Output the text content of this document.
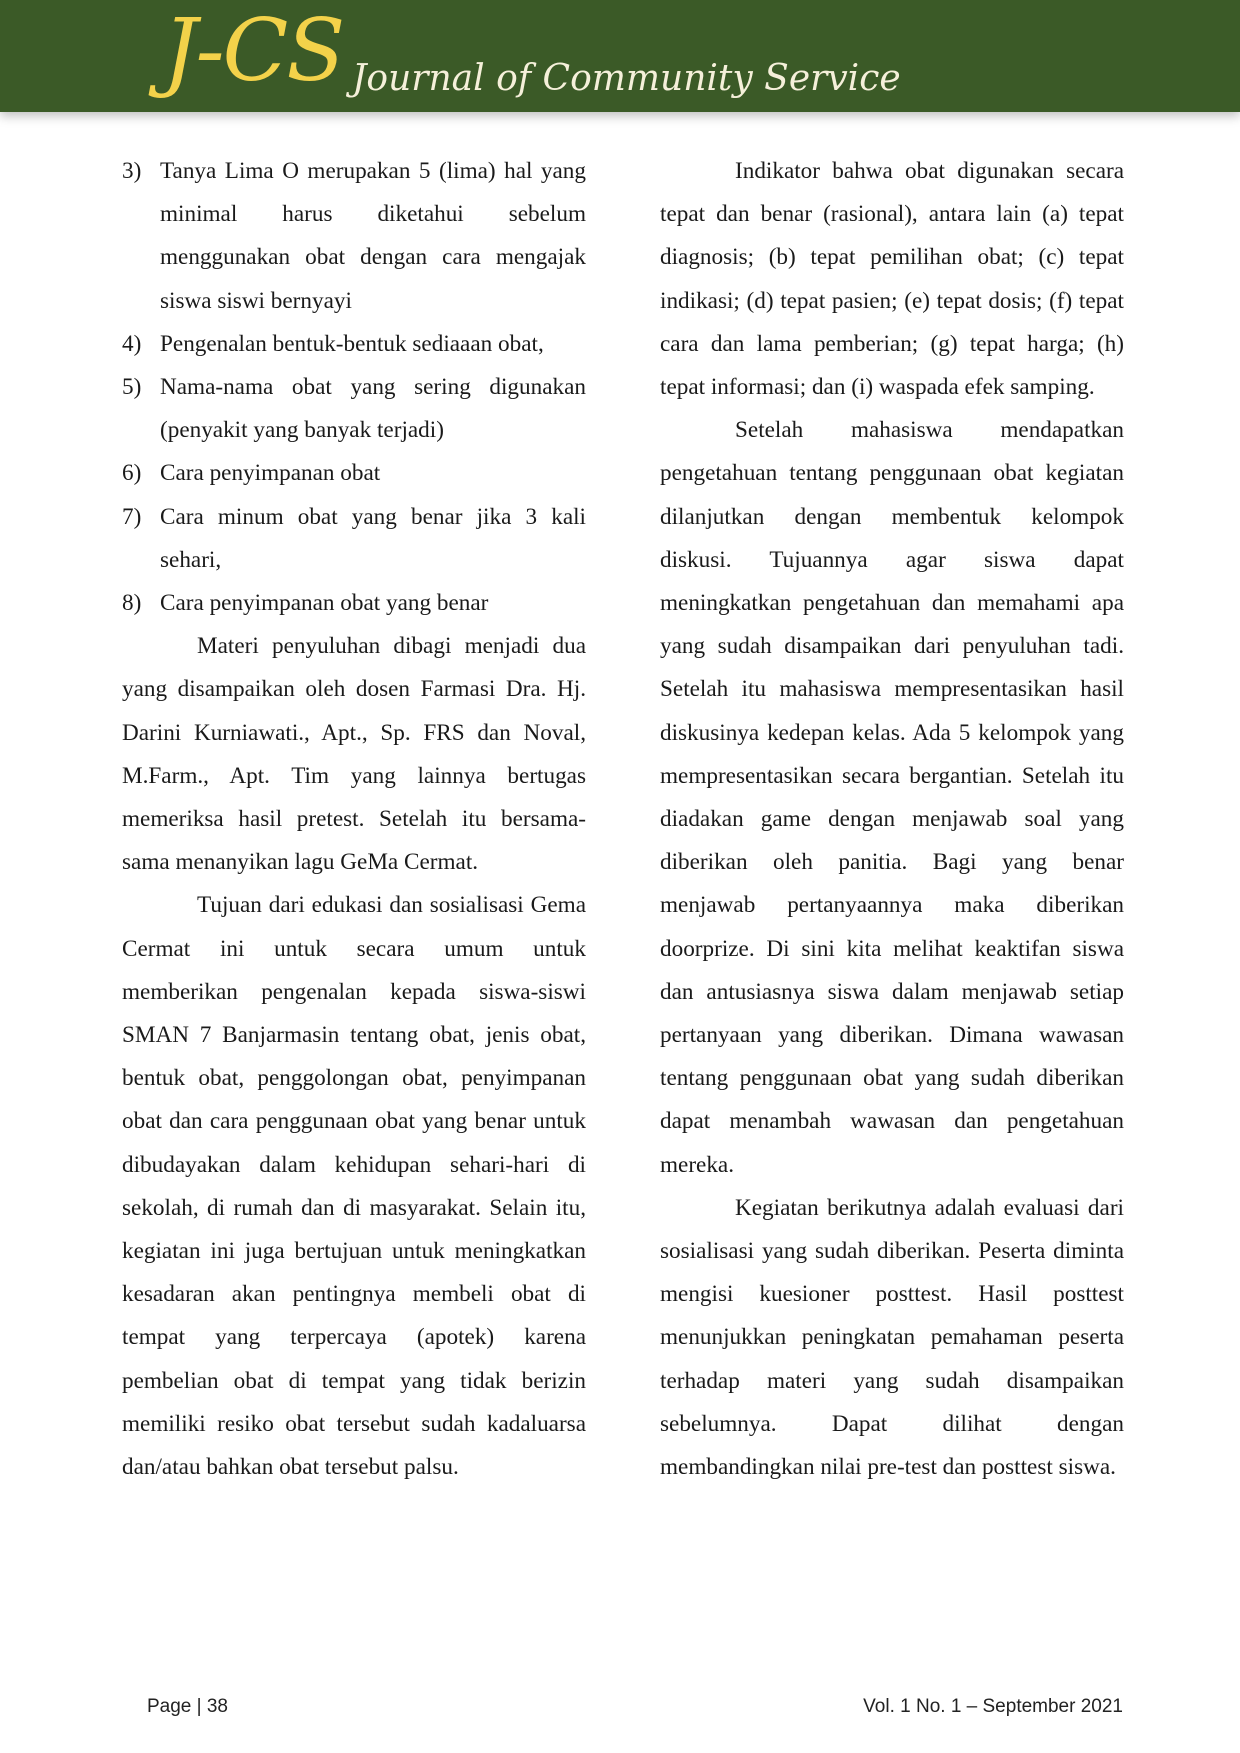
J-CS Journal of Community Service
3) Tanya Lima O merupakan 5 (lima) hal yang minimal harus diketahui sebelum menggunakan obat dengan cara mengajak siswa siswi bernyayi
4) Pengenalan bentuk-bentuk sediaaan obat,
5) Nama-nama obat yang sering digunakan (penyakit yang banyak terjadi)
6) Cara penyimpanan obat
7) Cara minum obat yang benar jika 3 kali sehari,
8) Cara penyimpanan obat yang benar

Materi penyuluhan dibagi menjadi dua yang disampaikan oleh dosen Farmasi Dra. Hj. Darini Kurniawati., Apt., Sp. FRS dan Noval, M.Farm., Apt. Tim yang lainnya bertugas memeriksa hasil pretest. Setelah itu bersama-sama menanyikan lagu GeMa Cermat.

Tujuan dari edukasi dan sosialisasi Gema Cermat ini untuk secara umum untuk memberikan pengenalan kepada siswa-siswi SMAN 7 Banjarmasin tentang obat, jenis obat, bentuk obat, penggolongan obat, penyimpanan obat dan cara penggunaan obat yang benar untuk dibudayakan dalam kehidupan sehari-hari di sekolah, di rumah dan di masyarakat. Selain itu, kegiatan ini juga bertujuan untuk meningkatkan kesadaran akan pentingnya membeli obat di tempat yang terpercaya (apotek) karena pembelian obat di tempat yang tidak berizin memiliki resiko obat tersebut sudah kadaluarsa dan/atau bahkan obat tersebut palsu.

Indikator bahwa obat digunakan secara tepat dan benar (rasional), antara lain (a) tepat diagnosis; (b) tepat pemilihan obat; (c) tepat indikasi; (d) tepat pasien; (e) tepat dosis; (f) tepat cara dan lama pemberian; (g) tepat harga; (h) tepat informasi; dan (i) waspada efek samping.

Setelah mahasiswa mendapatkan pengetahuan tentang penggunaan obat kegiatan dilanjutkan dengan membentuk kelompok diskusi. Tujuannya agar siswa dapat meningkatkan pengetahuan dan memahami apa yang sudah disampaikan dari penyuluhan tadi. Setelah itu mahasiswa mempresentasikan hasil diskusinya kedepan kelas. Ada 5 kelompok yang mempresentasikan secara bergantian. Setelah itu diadakan game dengan menjawab soal yang diberikan oleh panitia. Bagi yang benar menjawab pertanyaannya maka diberikan doorprize. Di sini kita melihat keaktifan siswa dan antusiasnya siswa dalam menjawab setiap pertanyaan yang diberikan. Dimana wawasan tentang penggunaan obat yang sudah diberikan dapat menambah wawasan dan pengetahuan mereka.

Kegiatan berikutnya adalah evaluasi dari sosialisasi yang sudah diberikan. Peserta diminta mengisi kuesioner posttest. Hasil posttest menunjukkan peningkatan pemahaman peserta terhadap materi yang sudah disampaikan sebelumnya. Dapat dilihat dengan membandingkan nilai pre-test dan posttest siswa.

Page | 38	Vol. 1 No. 1 – September 2021
